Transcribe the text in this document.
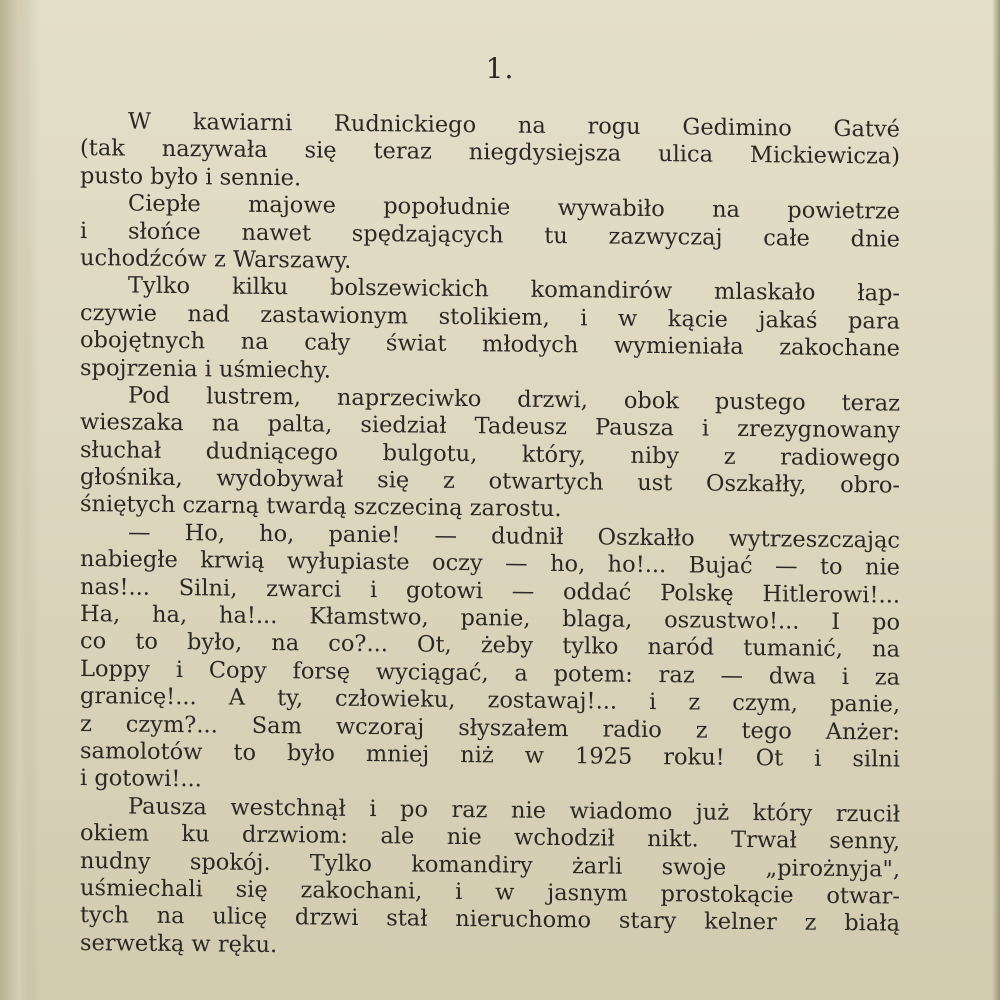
1.
W kawiarni Rudnickiego na rogu Gedimino Gatvé
(tak nazywała się teraz niegdysiejsza ulica Mickiewicza)
pusto było i sennie.
Ciepłe majowe popołudnie wywabiło na powietrze
i słońce nawet spędzających tu zazwyczaj całe dnie
uchodźców z Warszawy.
Tylko kilku bolszewickich komandirów mlaskało łap-
czywie nad zastawionym stolikiem, i w kącie jakaś para
obojętnych na cały świat młodych wymieniała zakochane
spojrzenia i uśmiechy.
Pod lustrem, naprzeciwko drzwi, obok pustego teraz
wieszaka na palta, siedział Tadeusz Pausza i zrezygnowany
słuchał dudniącego bulgotu, który, niby z radiowego
głośnika, wydobywał się z otwartych ust Oszkałły, obro-
śniętych czarną twardą szczeciną zarostu.
— Ho, ho, panie! — dudnił Oszkałło wytrzeszczając
nabiegłe krwią wyłupiaste oczy — ho, ho!... Bujać — to nie
nas!... Silni, zwarci i gotowi — oddać Polskę Hitlerowi!...
Ha, ha, ha!... Kłamstwo, panie, blaga, oszustwo!... I po
co to było, na co?... Ot, żeby tylko naród tumanić, na
Loppy i Copy forsę wyciągać, a potem: raz — dwa i za
granicę!... A ty, człowieku, zostawaj!... i z czym, panie,
z czym?... Sam wczoraj słyszałem radio z tego Anżer:
samolotów to było mniej niż w 1925 roku! Ot i silni
i gotowi!...
Pausza westchnął i po raz nie wiadomo już który rzucił
okiem ku drzwiom: ale nie wchodził nikt. Trwał senny,
nudny spokój. Tylko komandiry żarli swoje „pirożnyja",
uśmiechali się zakochani, i w jasnym prostokącie otwar-
tych na ulicę drzwi stał nieruchomo stary kelner z białą
serwetką w ręku.
